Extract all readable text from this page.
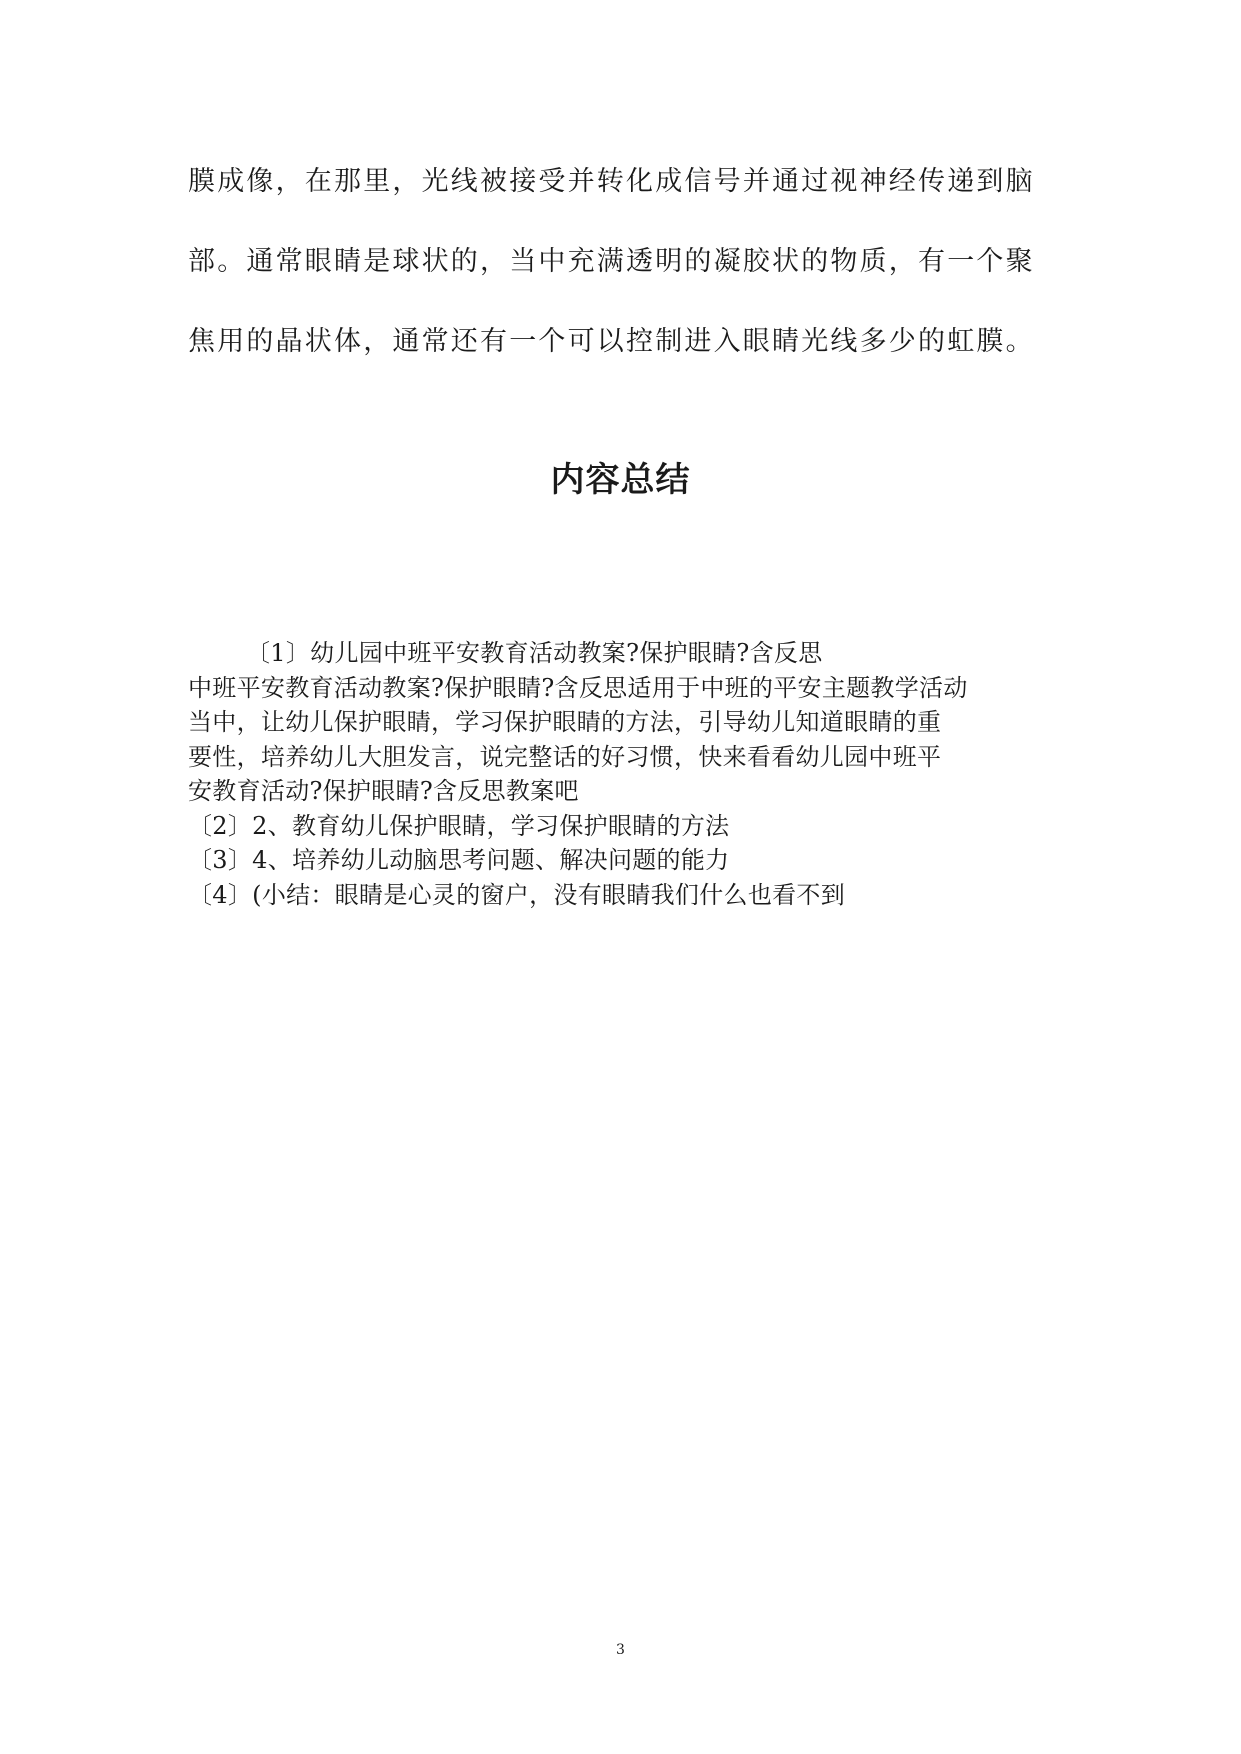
膜成像，在那里，光线被接受并转化成信号并通过视神经传递到脑
部。通常眼睛是球状的，当中充满透明的凝胶状的物质，有一个聚
焦用的晶状体，通常还有一个可以控制进入眼睛光线多少的虹膜。
内容总结
〔1〕幼儿园中班平安教育活动教案?保护眼睛?含反思
中班平安教育活动教案?保护眼睛?含反思适用于中班的平安主题教学活动
当中，让幼儿保护眼睛，学习保护眼睛的方法，引导幼儿知道眼睛的重
要性，培养幼儿大胆发言，说完整话的好习惯，快来看看幼儿园中班平
安教育活动?保护眼睛?含反思教案吧
〔2〕2、教育幼儿保护眼睛，学习保护眼睛的方法
〔3〕4、培养幼儿动脑思考问题、解决问题的能力
〔4〕(小结：眼睛是心灵的窗户，没有眼睛我们什么也看不到

3
